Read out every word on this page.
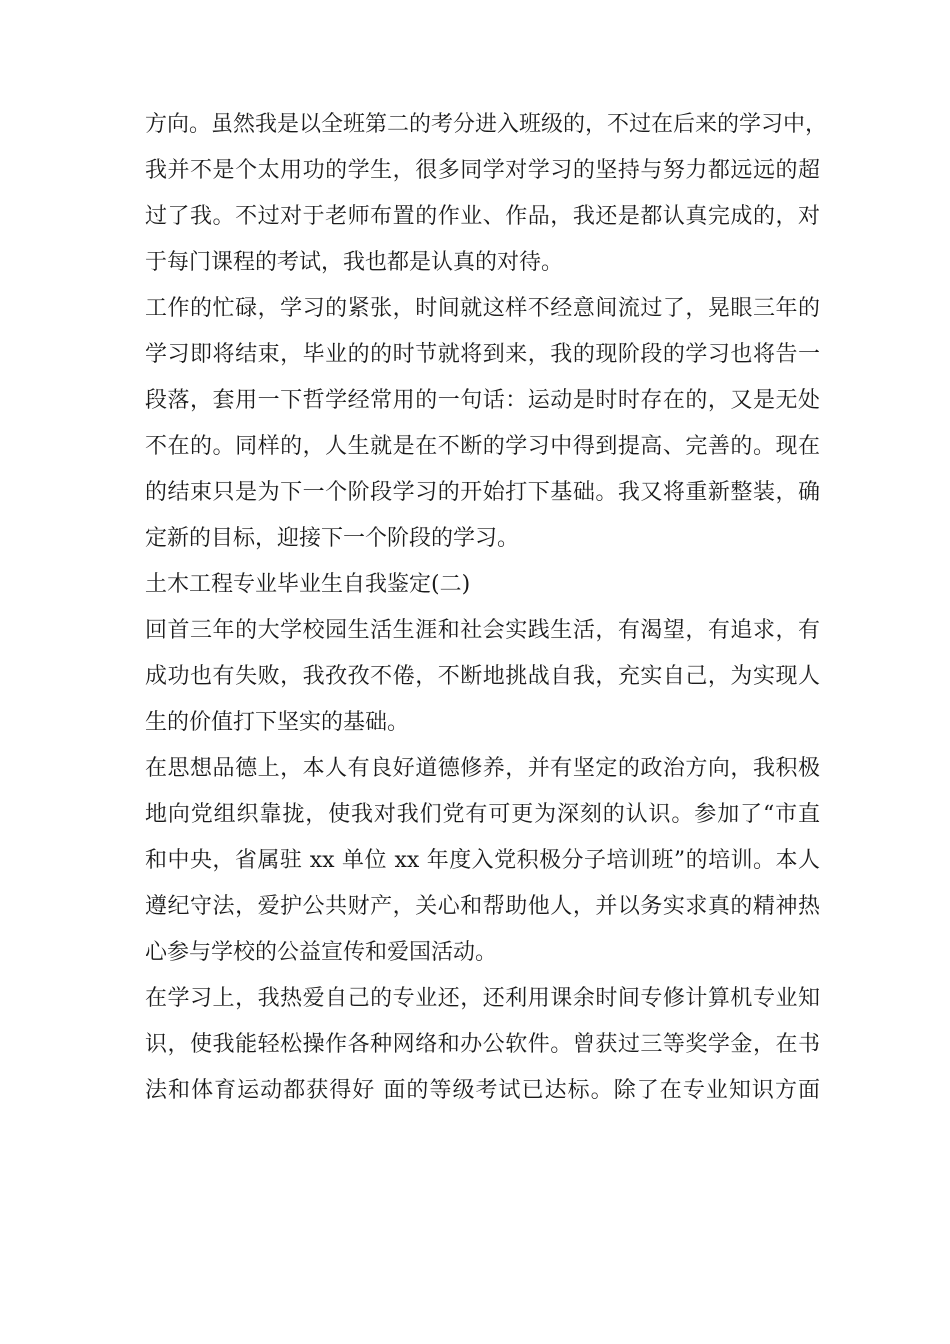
方向。虽然我是以全班第二的考分进入班级的，不过在后来的学习中，
我并不是个太用功的学生，很多同学对学习的坚持与努力都远远的超
过了我。不过对于老师布置的作业、作品，我还是都认真完成的，对
于每门课程的考试，我也都是认真的对待。
工作的忙碌，学习的紧张，时间就这样不经意间流过了，晃眼三年的
学习即将结束，毕业的的时节就将到来，我的现阶段的学习也将告一
段落，套用一下哲学经常用的一句话：运动是时时存在的，又是无处
不在的。同样的，人生就是在不断的学习中得到提高、完善的。现在
的结束只是为下一个阶段学习的开始打下基础。我又将重新整装，确
定新的目标，迎接下一个阶段的学习。
土木工程专业毕业生自我鉴定(二)
回首三年的大学校园生活生涯和社会实践生活，有渴望，有追求，有
成功也有失败，我孜孜不倦，不断地挑战自我，充实自己，为实现人
生的价值打下坚实的基础。
在思想品德上，本人有良好道德修养，并有坚定的政治方向，我积极
地向党组织靠拢，使我对我们党有可更为深刻的认识。参加了“市直
和中央，省属驻 xx 单位 xx 年度入党积极分子培训班”的培训。本人
遵纪守法，爱护公共财产，关心和帮助他人，并以务实求真的精神热
心参与学校的公益宣传和爱国活动。
在学习上，我热爱自己的专业还，还利用课余时间专修计算机专业知
识，使我能轻松操作各种网络和办公软件。曾获过三等奖学金，在书
法和体育运动都获得好 面的等级考试已达标。除了在专业知识方面
